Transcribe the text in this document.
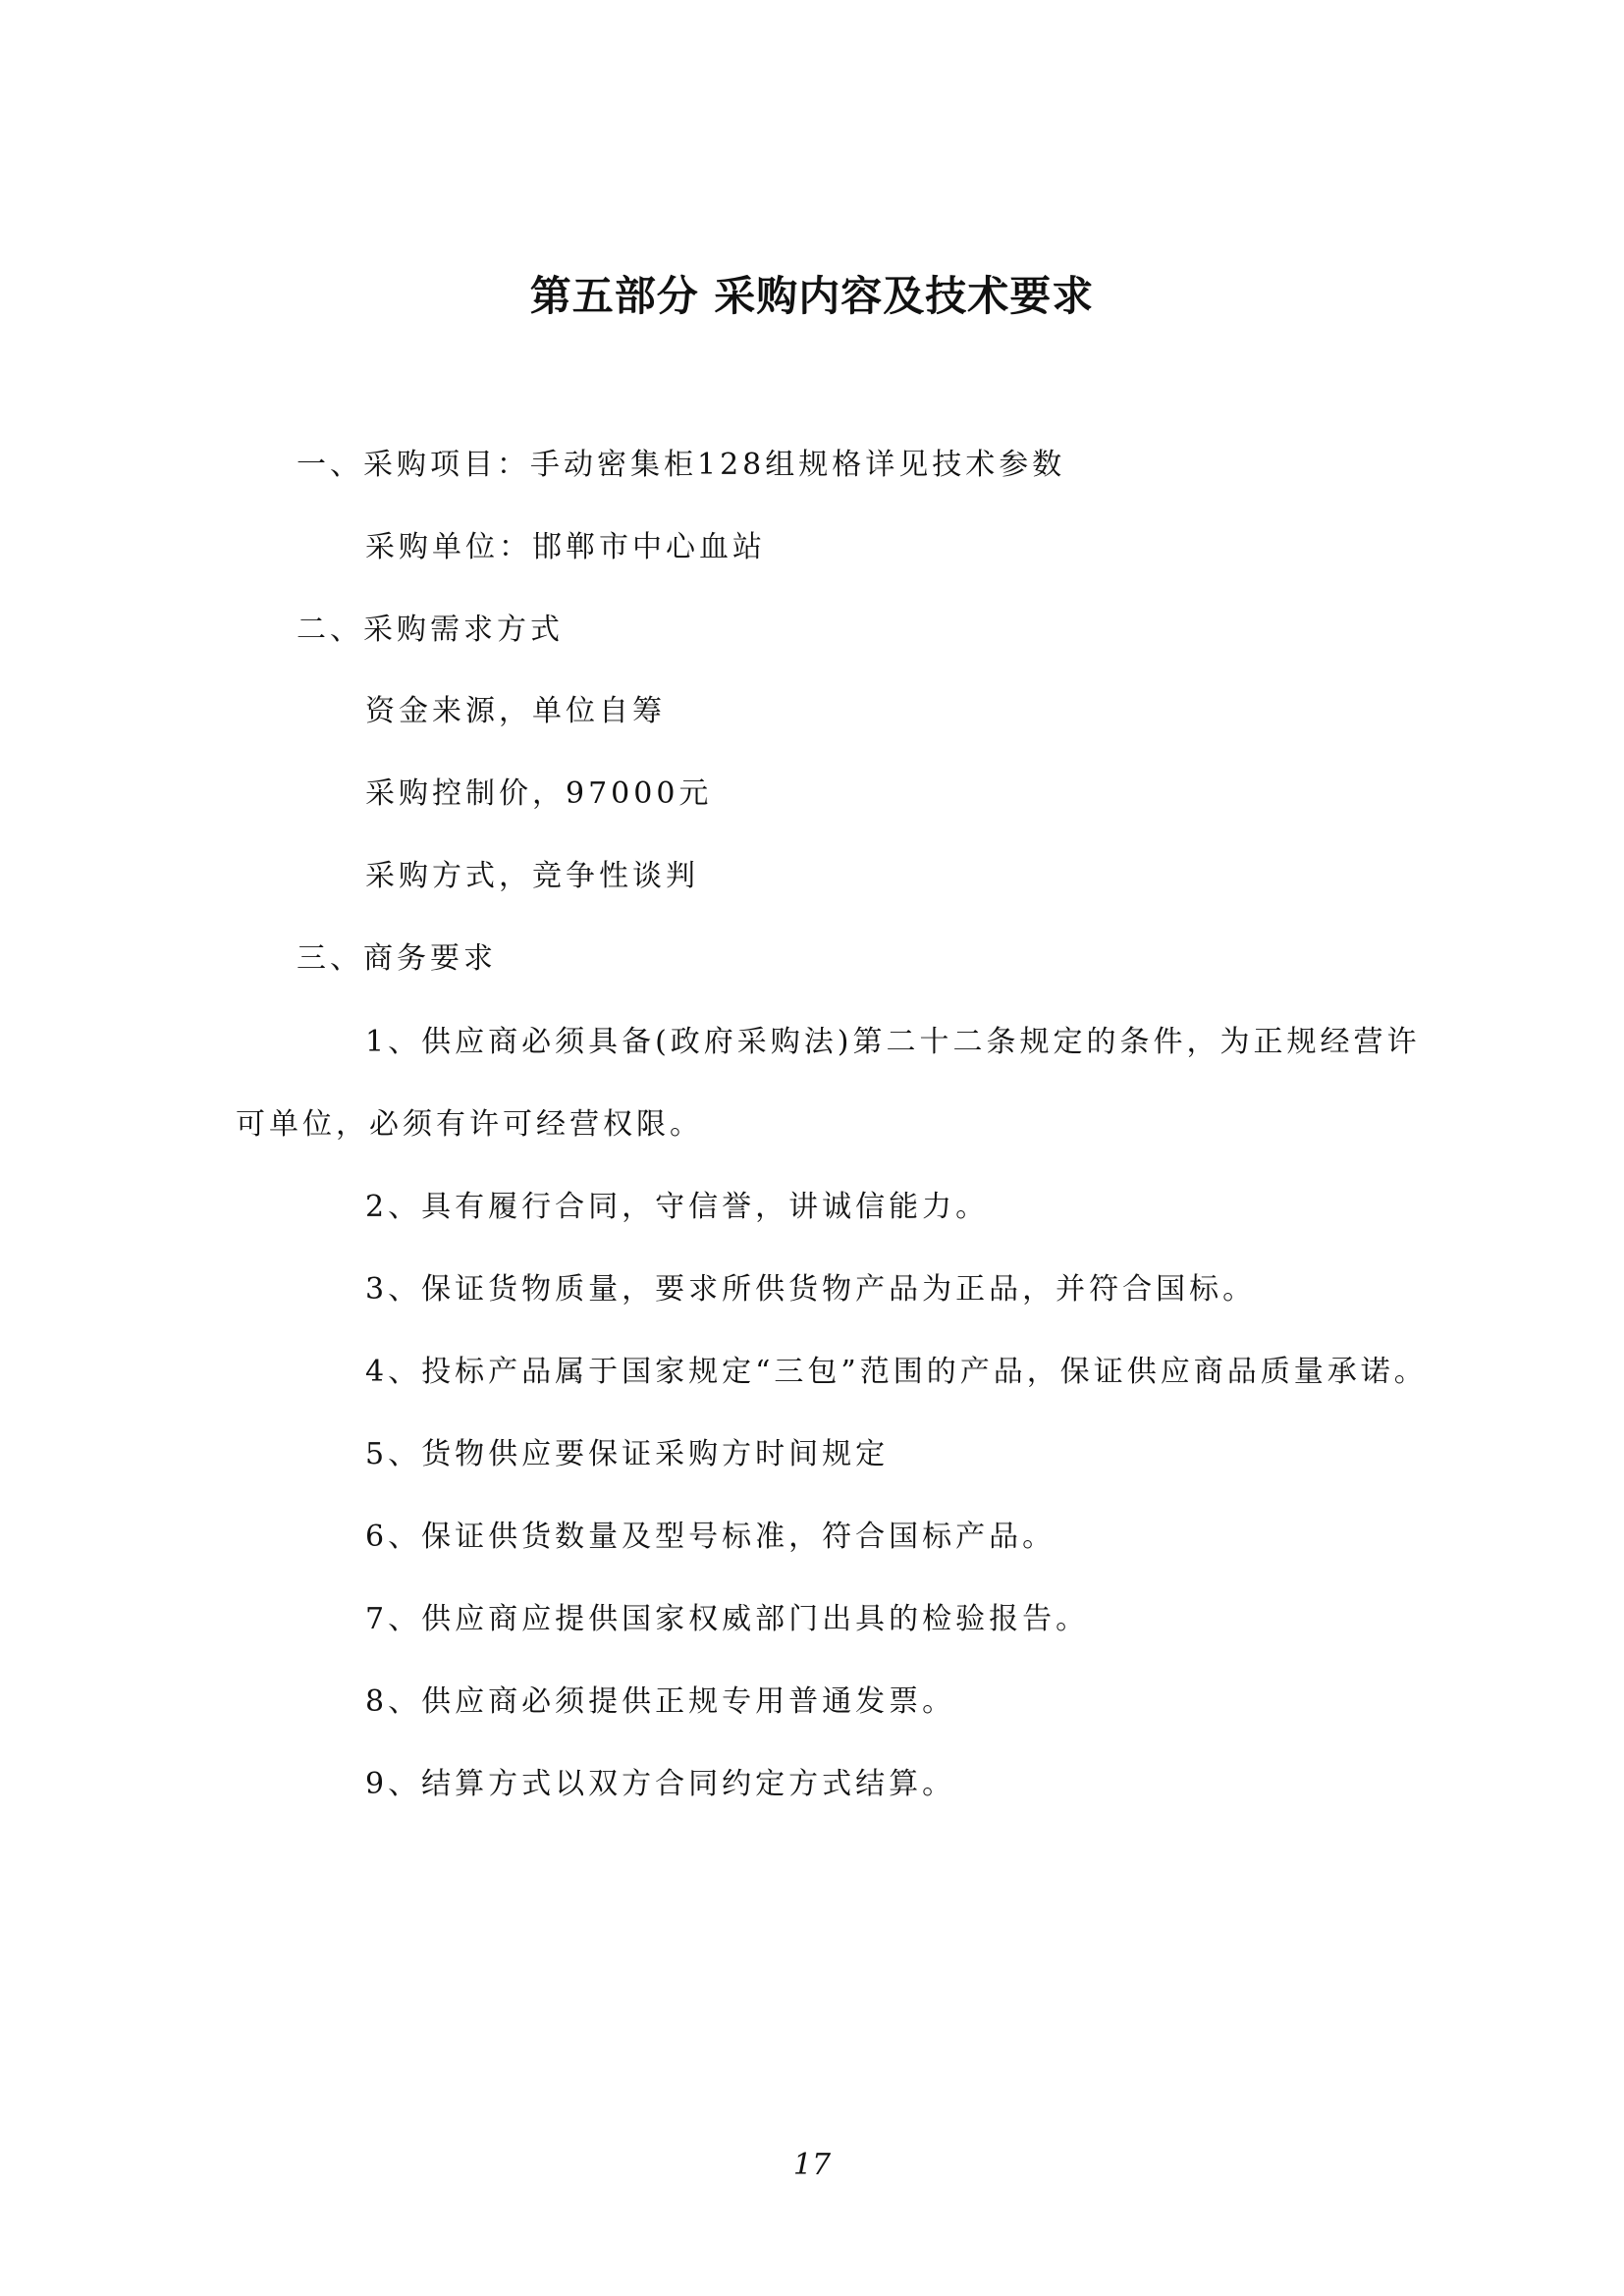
第五部分 采购内容及技术要求
一、采购项目：手动密集柜128组规格详见技术参数
采购单位：邯郸市中心血站
二、采购需求方式
资金来源，单位自筹
采购控制价，97000元
采购方式，竞争性谈判
三、商务要求
1、供应商必须具备(政府采购法)第二十二条规定的条件，为正规经营许
可单位，必须有许可经营权限。
2、具有履行合同，守信誉，讲诚信能力。
3、保证货物质量，要求所供货物产品为正品，并符合国标。
4、投标产品属于国家规定“三包”范围的产品，保证供应商品质量承诺。
5、货物供应要保证采购方时间规定
6、保证供货数量及型号标准，符合国标产品。
7、供应商应提供国家权威部门出具的检验报告。
8、供应商必须提供正规专用普通发票。
9、结算方式以双方合同约定方式结算。
17
